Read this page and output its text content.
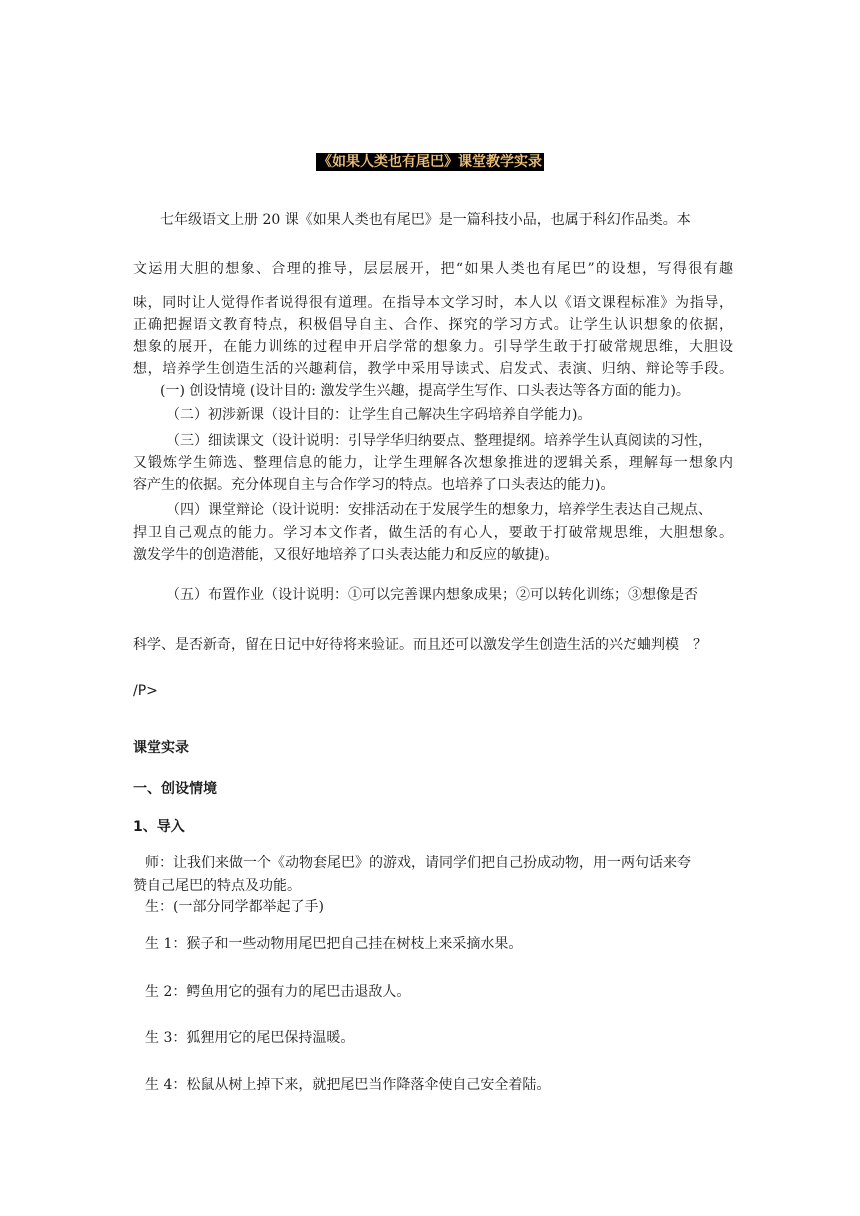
《如果人类也有尾巴》课堂教学实录
七年级语文上册 20 课《如果人类也有尾巴》是一篇科技小品，也属于科幻作品类。本
文运用大胆的想象、合理的推导，层层展开，把“如果人类也有尾巴”的设想，写得很有趣
味，同时让人觉得作者说得很有道理。在指导本文学习时，本人以《语文课程标准》为指导，
正确把握语文教育特点，积极倡导自主、合作、探究的学习方式。让学生认识想象的依据，
想象的展开，在能力训练的过程申开启学常的想象力。引导学生敢于打破常规思维，大胆设
想，培养学生创造生活的兴趣莉信，教学中采用导读式、启发式、表演、归纳、辩论等手段。
(一) 创设情境 (设计目的: 激发学生兴趣，提高学生写作、口头表达等各方面的能力)。
（二）初涉新课（设计目的：让学生自己解决生字码培养自学能力)。
（三）细读课文（设计说明：引导学华归纳要点、整理提纲。培养学生认真阅读的习性，
又锻炼学生筛选、整理信息的能力，让学生理解各次想象推进的逻辑关系，理解每一想象内
容产生的依据。充分体现自主与合作学习的特点。也培养了口头表达的能力)。
（四）课堂辩论（设计说明：安排活动在于发展学生的想象力，培养学生表达自己规点、
捍卫自己观点的能力。学习本文作者，做生活的有心人，要敢于打破常规思维，大胆想象。
激发学牛的创造潜能，又很好地培养了口头表达能力和反应的敏捷)。
（五）布置作业（设计说明：①可以完善课内想象成果；②可以转化训练；③想像是否
科学、是否新奇，留在日记中好待将来验证。而且还可以激发学生创造生活的兴だ蛐判模　？
/P>
课堂实录
一、创设情境
1、导入
师：让我们来做一个《动物套尾巴》的游戏，请同学们把自己扮成动物，用一两句话来夸
赞自己尾巴的特点及功能。
生：(一部分同学都举起了手)
生 1：猴子和一些动物用尾巴把自己挂在树枝上来采摘水果。
生 2：鳄鱼用它的强有力的尾巴击退敌人。
生 3：狐狸用它的尾巴保持温暖。
生 4：松鼠从树上掉下来，就把尾巴当作降落伞使自己安全着陆。
